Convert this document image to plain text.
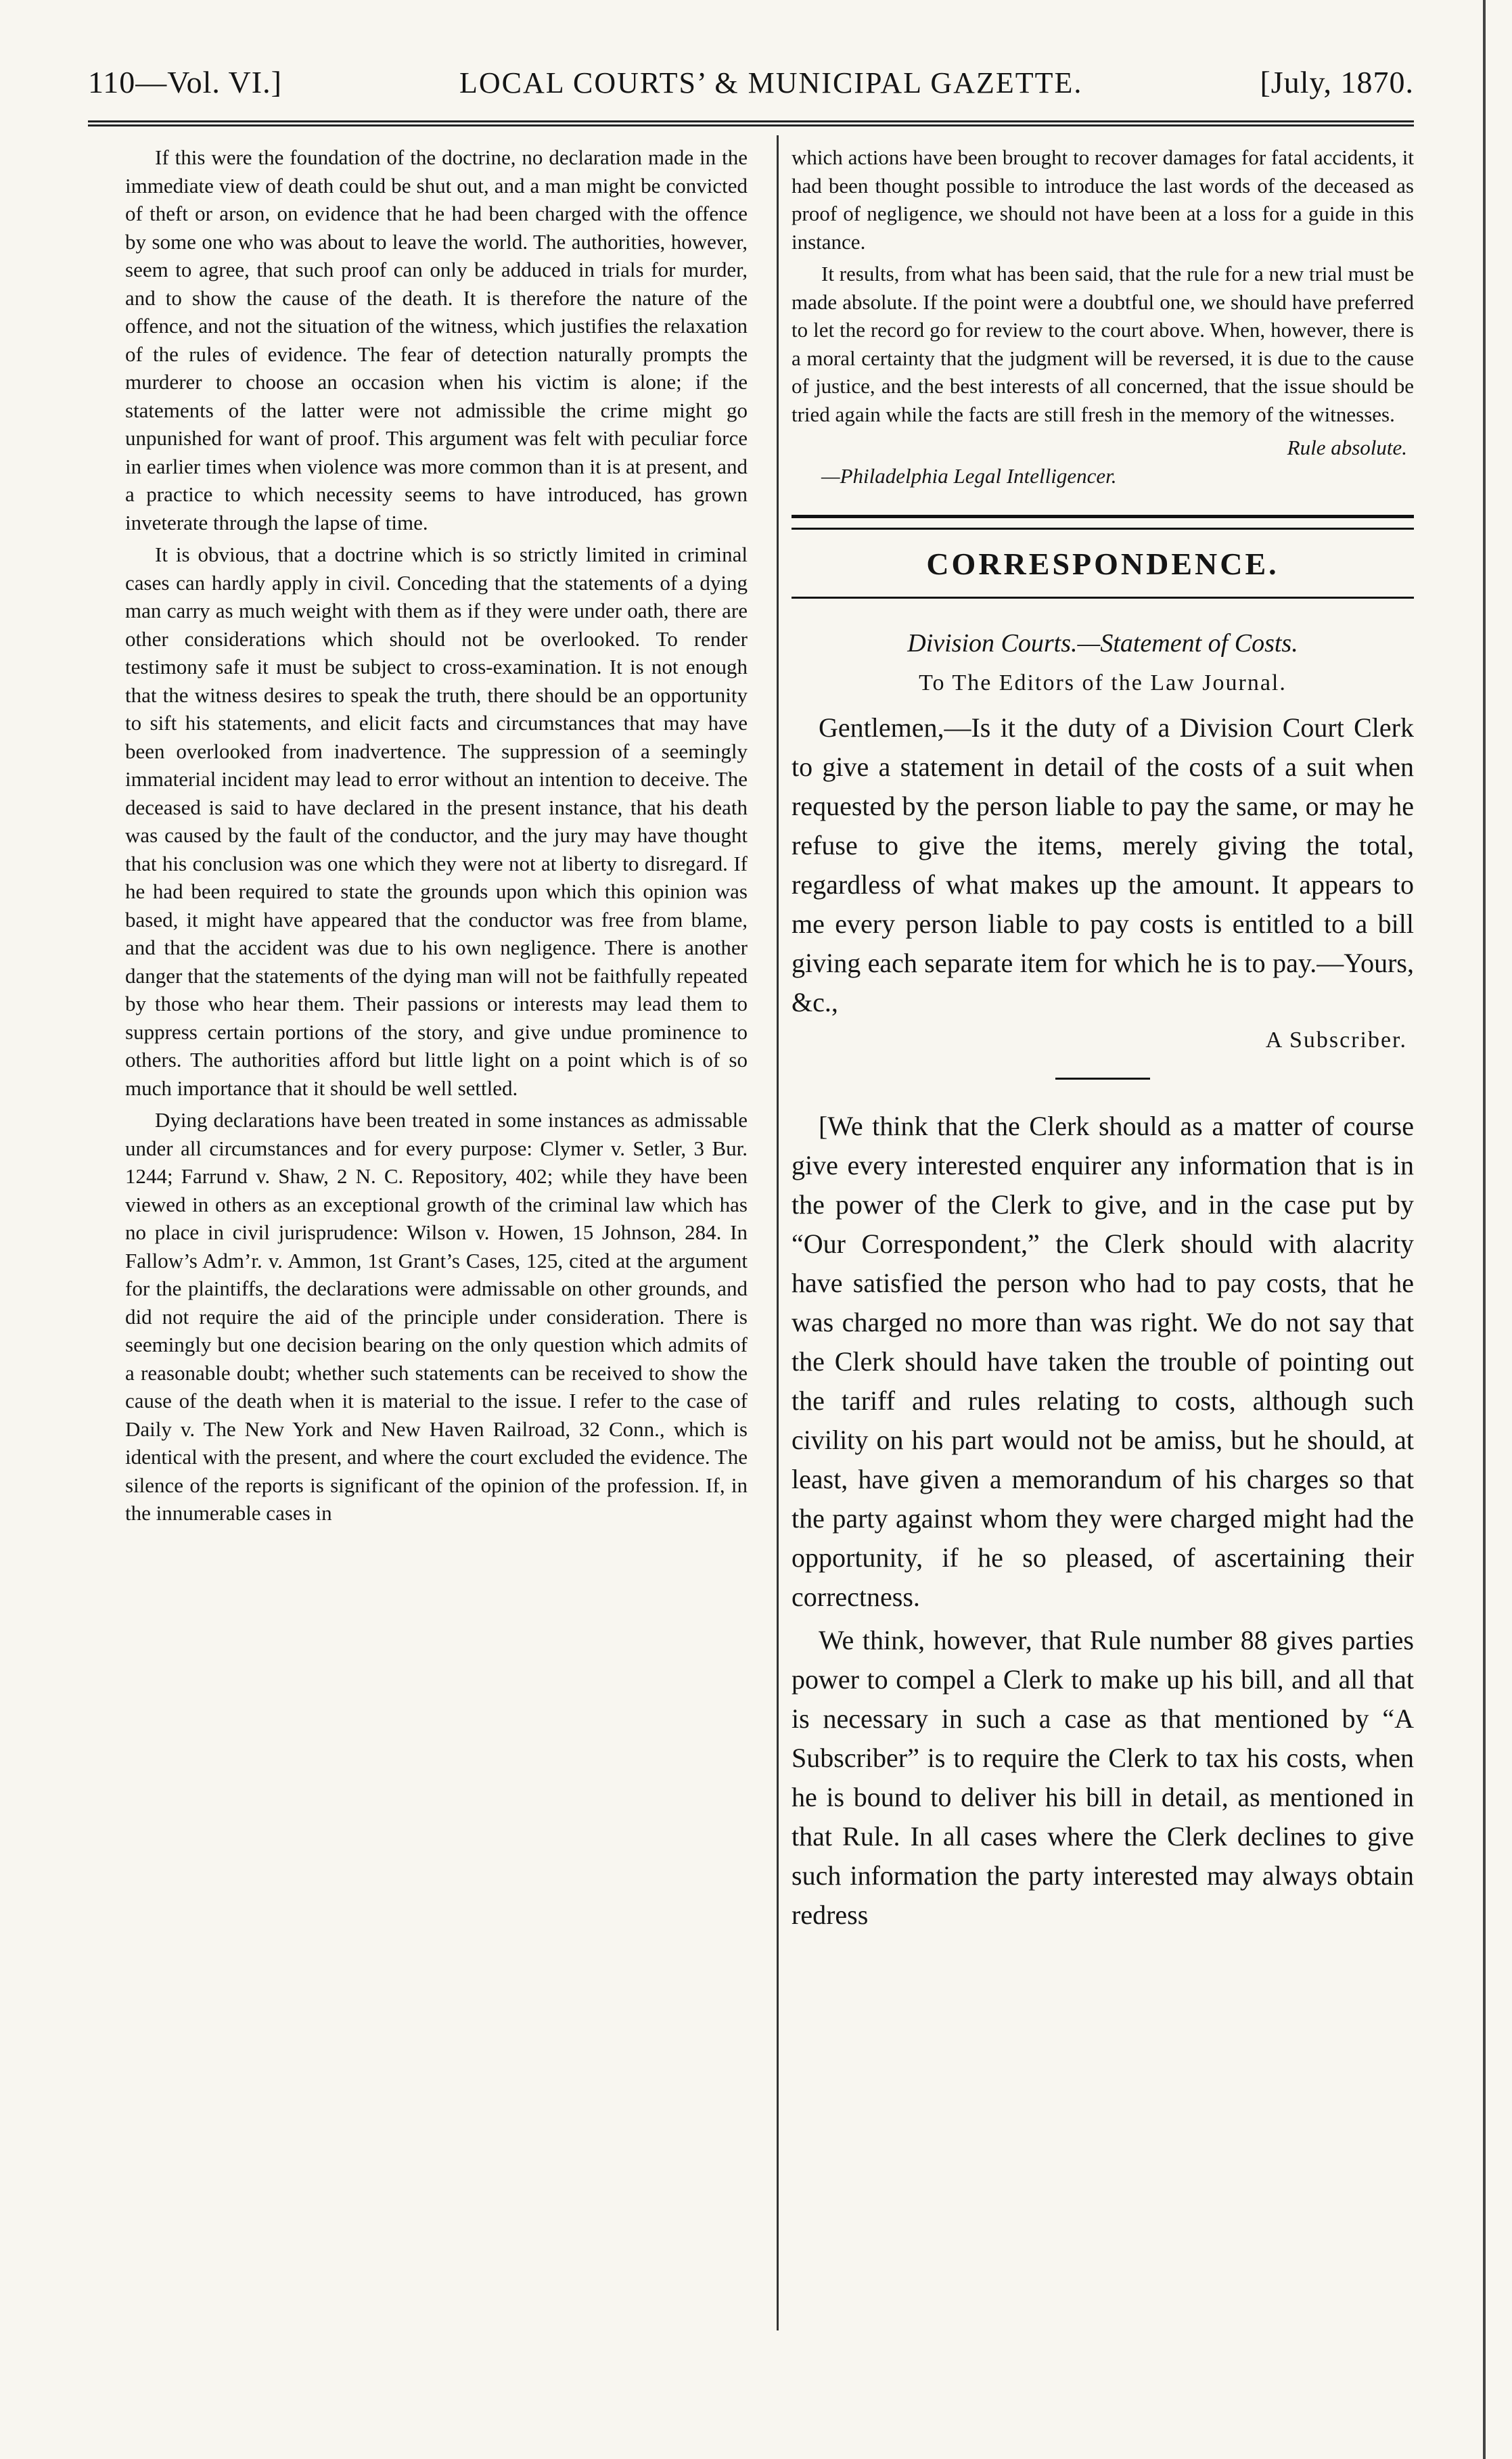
110—Vol. VI.]	LOCAL COURTS’ & MUNICIPAL GAZETTE.	[July, 1870.

If this were the foundation of the doctrine, no declaration made in the immediate view of death could be shut out, and a man might be convicted of theft or arson, on evidence that he had been charged with the offence by some one who was about to leave the world. The authorities, however, seem to agree, that such proof can only be adduced in trials for murder, and to show the cause of the death. It is therefore the nature of the offence, and not the situation of the witness, which justifies the relaxation of the rules of evidence. The fear of detection naturally prompts the murderer to choose an occasion when his victim is alone; if the statements of the latter were not admissible the crime might go unpunished for want of proof. This argument was felt with peculiar force in earlier times when violence was more common than it is at present, and a practice to which necessity seems to have introduced, has grown inveterate through the lapse of time.

It is obvious, that a doctrine which is so strictly limited in criminal cases can hardly apply in civil. Conceding that the statements of a dying man carry as much weight with them as if they were under oath, there are other considerations which should not be overlooked. To render testimony safe it must be subject to cross-examination. It is not enough that the witness desires to speak the truth, there should be an opportunity to sift his statements, and elicit facts and circumstances that may have been overlooked from inadvertence. The suppression of a seemingly immaterial incident may lead to error without an intention to deceive. The deceased is said to have declared in the present instance, that his death was caused by the fault of the conductor, and the jury may have thought that his conclusion was one which they were not at liberty to disregard. If he had been required to state the grounds upon which this opinion was based, it might have appeared that the conductor was free from blame, and that the accident was due to his own negligence. There is another danger that the statements of the dying man will not be faithfully repeated by those who hear them. Their passions or interests may lead them to suppress certain portions of the story, and give undue prominence to others. The authorities afford but little light on a point which is of so much importance that it should be well settled.

Dying declarations have been treated in some instances as admissable under all circumstances and for every purpose: Clymer v. Setler, 3 Bur. 1244; Farrund v. Shaw, 2 N. C. Repository, 402; while they have been viewed in others as an exceptional growth of the criminal law which has no place in civil jurisprudence: Wilson v. Howen, 15 Johnson, 284. In Fallow’s Adm’r. v. Ammon, 1st Grant’s Cases, 125, cited at the argument for the plaintiffs, the declarations were admissable on other grounds, and did not require the aid of the principle under consideration. There is seemingly but one decision bearing on the only question which admits of a reasonable doubt; whether such statements can be received to show the cause of the death when it is material to the issue. I refer to the case of Daily v. The New York and New Haven Railroad, 32 Conn., which is identical with the present, and where the court excluded the evidence. The silence of the reports is significant of the opinion of the profession. If, in the innumerable cases in

which actions have been brought to recover damages for fatal accidents, it had been thought possible to introduce the last words of the deceased as proof of negligence, we should not have been at a loss for a guide in this instance.

It results, from what has been said, that the rule for a new trial must be made absolute. If the point were a doubtful one, we should have preferred to let the record go for review to the court above. When, however, there is a moral certainty that the judgment will be reversed, it is due to the cause of justice, and the best interests of all concerned, that the issue should be tried again while the facts are still fresh in the memory of the witnesses.

Rule absolute.

—Philadelphia Legal Intelligencer.

CORRESPONDENCE.
Division Courts.—Statement of Costs.
To The Editors of the Law Journal.

Gentlemen,—Is it the duty of a Division Court Clerk to give a statement in detail of the costs of a suit when requested by the person liable to pay the same, or may he refuse to give the items, merely giving the total, regardless of what makes up the amount. It appears to me every person liable to pay costs is entitled to a bill giving each separate item for which he is to pay.—Yours, &c.,

A Subscriber.

[We think that the Clerk should as a matter of course give every interested enquirer any information that is in the power of the Clerk to give, and in the case put by “Our Correspondent,” the Clerk should with alacrity have satisfied the person who had to pay costs, that he was charged no more than was right. We do not say that the Clerk should have taken the trouble of pointing out the tariff and rules relating to costs, although such civility on his part would not be amiss, but he should, at least, have given a memorandum of his charges so that the party against whom they were charged might had the opportunity, if he so pleased, of ascertaining their correctness.

We think, however, that Rule number 88 gives parties power to compel a Clerk to make up his bill, and all that is necessary in such a case as that mentioned by “A Subscriber” is to require the Clerk to tax his costs, when he is bound to deliver his bill in detail, as mentioned in that Rule. In all cases where the Clerk declines to give such information the party interested may always obtain redress
